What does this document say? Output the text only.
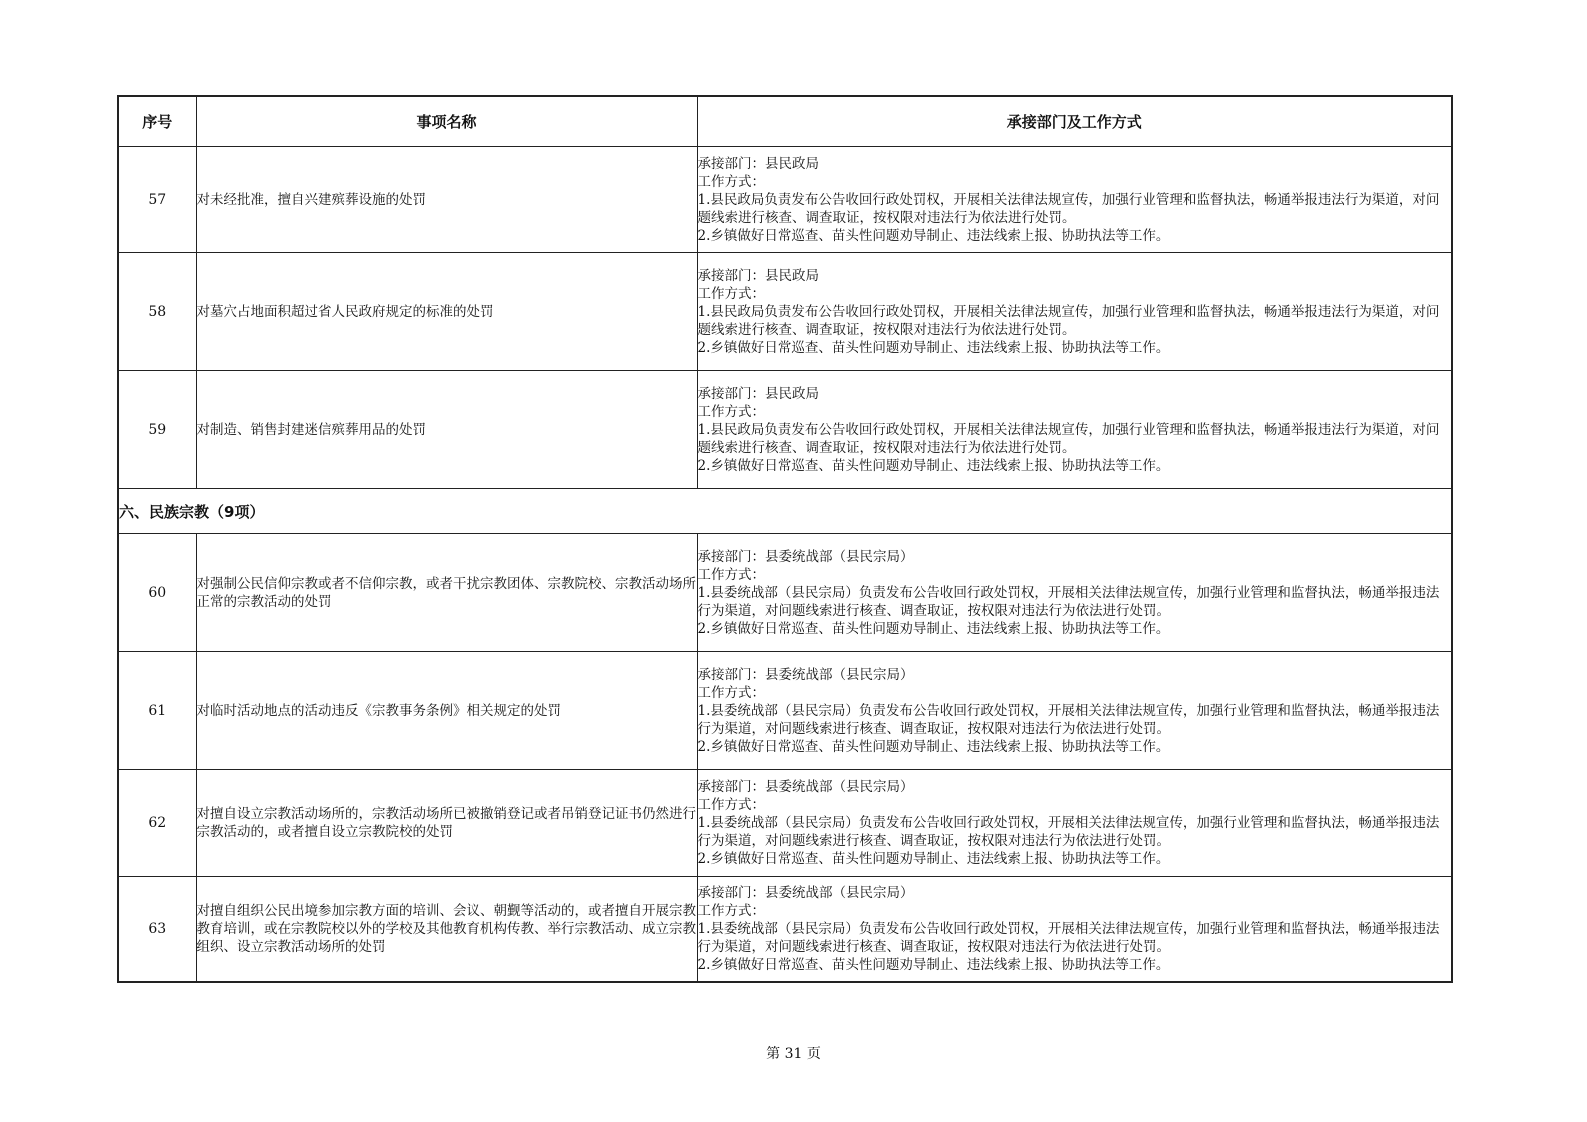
序号	事项名称	承接部门及工作方式
57	对未经批准，擅自兴建殡葬设施的处罚	承接部门：县民政局
工作方式：
1.县民政局负责发布公告收回行政处罚权，开展相关法律法规宣传，加强行业管理和监督执法，畅通举报违法行为渠道，对问题线索进行核查、调查取证，按权限对违法行为依法进行处罚。
2.乡镇做好日常巡查、苗头性问题劝导制止、违法线索上报、协助执法等工作。

58	对墓穴占地面积超过省人民政府规定的标准的处罚	承接部门：县民政局
工作方式：
1.县民政局负责发布公告收回行政处罚权，开展相关法律法规宣传，加强行业管理和监督执法，畅通举报违法行为渠道，对问题线索进行核查、调查取证，按权限对违法行为依法进行处罚。
2.乡镇做好日常巡查、苗头性问题劝导制止、违法线索上报、协助执法等工作。

59	对制造、销售封建迷信殡葬用品的处罚	承接部门：县民政局
工作方式：
1.县民政局负责发布公告收回行政处罚权，开展相关法律法规宣传，加强行业管理和监督执法，畅通举报违法行为渠道，对问题线索进行核查、调查取证，按权限对违法行为依法进行处罚。
2.乡镇做好日常巡查、苗头性问题劝导制止、违法线索上报、协助执法等工作。

六、民族宗教（9项）		
60	对强制公民信仰宗教或者不信仰宗教，或者干扰宗教团体、宗教院校、宗教活动场所正常的宗教活动的处罚	承接部门：县委统战部（县民宗局）
工作方式：
1.县委统战部（县民宗局）负责发布公告收回行政处罚权，开展相关法律法规宣传，加强行业管理和监督执法，畅通举报违法行为渠道，对问题线索进行核查、调查取证，按权限对违法行为依法进行处罚。
2.乡镇做好日常巡查、苗头性问题劝导制止、违法线索上报、协助执法等工作。

61	对临时活动地点的活动违反《宗教事务条例》相关规定的处罚	承接部门：县委统战部（县民宗局）
工作方式：
1.县委统战部（县民宗局）负责发布公告收回行政处罚权，开展相关法律法规宣传，加强行业管理和监督执法，畅通举报违法行为渠道，对问题线索进行核查、调查取证，按权限对违法行为依法进行处罚。
2.乡镇做好日常巡查、苗头性问题劝导制止、违法线索上报、协助执法等工作。

62	对擅自设立宗教活动场所的，宗教活动场所已被撤销登记或者吊销登记证书仍然进行宗教活动的，或者擅自设立宗教院校的处罚	承接部门：县委统战部（县民宗局）
工作方式：
1.县委统战部（县民宗局）负责发布公告收回行政处罚权，开展相关法律法规宣传，加强行业管理和监督执法，畅通举报违法行为渠道，对问题线索进行核查、调查取证，按权限对违法行为依法进行处罚。
2.乡镇做好日常巡查、苗头性问题劝导制止、违法线索上报、协助执法等工作。

63	对擅自组织公民出境参加宗教方面的培训、会议、朝觐等活动的，或者擅自开展宗教教育培训，或在宗教院校以外的学校及其他教育机构传教、举行宗教活动、成立宗教组织、设立宗教活动场所的处罚	承接部门：县委统战部（县民宗局）
工作方式：
1.县委统战部（县民宗局）负责发布公告收回行政处罚权，开展相关法律法规宣传，加强行业管理和监督执法，畅通举报违法行为渠道，对问题线索进行核查、调查取证，按权限对违法行为依法进行处罚。
2.乡镇做好日常巡查、苗头性问题劝导制止、违法线索上报、协助执法等工作。
第 31 页
